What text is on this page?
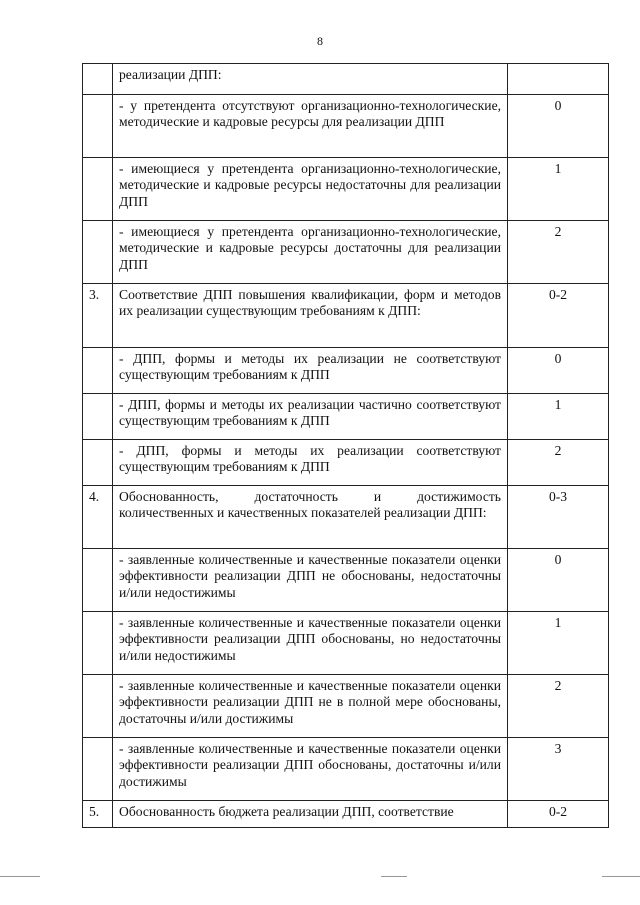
8
	реализации ДПП:	
	- у претендента отсутствуют организационно-технологические, методические и кадровые ресурсы для реализации ДПП	0
	- имеющиеся у претендента организационно-технологические, методические и кадровые ресурсы недостаточны для реализации ДПП	1
	- имеющиеся у претендента организационно-технологические, методические и кадровые ресурсы достаточны для реализации ДПП	2
3.	Соответствие ДПП повышения квалификации, форм и методов их реализации существующим требованиям к ДПП:	0-2
	- ДПП, формы и методы их реализации не соответствуют существующим требованиям к ДПП	0
	- ДПП, формы и методы их реализации частично соответствуют существующим требованиям к ДПП	1
	- ДПП, формы и методы их реализации соответствуют существующим требованиям к ДПП	2
4.	Обоснованность, достаточность и достижимость количественных и качественных показателей реализации ДПП:	0-3
	- заявленные количественные и качественные показатели оценки эффективности реализации ДПП не обоснованы, недостаточны и/или недостижимы	0
	- заявленные количественные и качественные показатели оценки эффективности реализации ДПП обоснованы, но недостаточны и/или недостижимы	1
	- заявленные количественные и качественные показатели оценки эффективности реализации ДПП не в полной мере обоснованы, достаточны и/или достижимы	2
	- заявленные количественные и качественные показатели оценки эффективности реализации ДПП обоснованы, достаточны и/или достижимы	3
5.	Обоснованность бюджета реализации ДПП, соответствие	0-2
